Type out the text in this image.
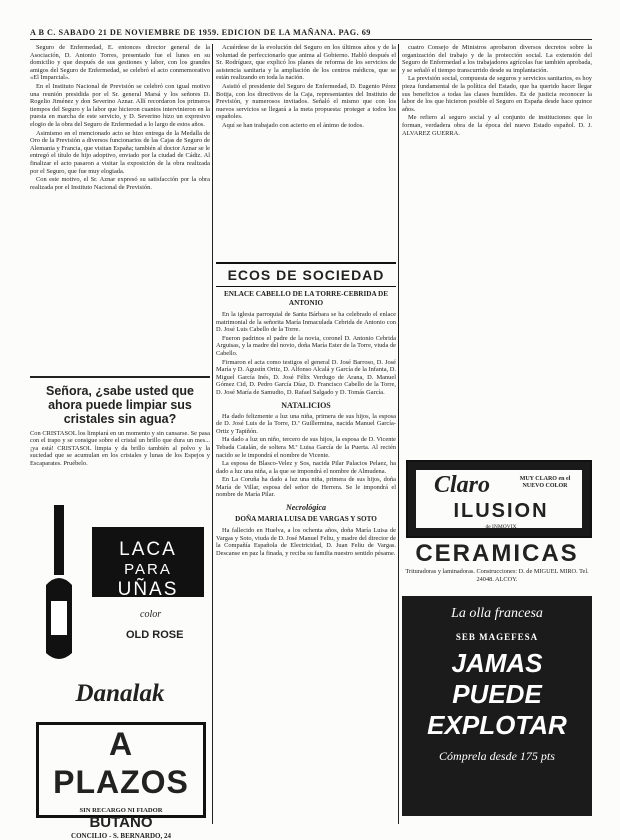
A B C. SABADO 21 DE NOVIEMBRE DE 1959. EDICION DE LA MAÑANA. PAG. 69

Seguro de Enfermedad, E. entonces director general de la Asociación, D. Antonio Torres, presentado fue el lunes en su domicilio y que después de sus gestiones y labor, con los grandes amigos del Seguro de Enfermedad, se celebró el acto conmemorativo «El Imparcial».

En el Instituto Nacional de Previsión se celebró con igual motivo una reunión presidida por el Sr. general Marsá y los señores D. Rogelio Jiménez y don Severino Aznar. Allí recordaron los primeros tiempos del Seguro y la labor que hicieron cuantos intervinieron en la puesta en marcha de este servicio, y D. Severino hizo un expresivo elogio de la obra del Seguro de Enfermedad a lo largo de estos años.

Asimismo en el mencionado acto se hizo entrega de la Medalla de Oro de la Previsión a diversos funcionarios de las Cajas de Seguro de Alemania y Francia, que visitan España; también al doctor Aznar se le entregó el título de hijo adoptivo, enviado por la ciudad de Cádiz. Al finalizar el acto pasaron a visitar la exposición de la obra realizada por el Seguro, que fue muy elogiada.

Con este motivo, el Sr. Aznar expresó su satisfacción por la obra realizada por el Instituto Nacional de Previsión.

Señora, ¿sabe usted que ahora puede limpiar sus cristales sin agua?
Con CRISTASOL los limpiará en un momento y sin cansarse. Se pasa con el trapo y se consigue sobre el cristal un brillo que dura un mes... ¡ya está! CRISTASOL limpia y da brillo también al polvo y la suciedad que se acumulan en los cristales y lunas de los Espejos y Escaparates. Pruébelo.
LACA
PARA
UÑAS
color
OLD ROSE
Danalak
A PLAZOS
SIN RECARGO NI FIADOR
BUTANO
CONCILIO - S. BERNARDO, 24

Acuérdese de la evolución del Seguro en los últimos años y de la voluntad de perfeccionarlo que anima al Gobierno. Habló después el Sr. Rodríguez, que explicó los planes de reforma de los servicios de asistencia sanitaria y la ampliación de los centros médicos, que se están realizando en toda la nación.

Asistió el presidente del Seguro de Enfermedad, D. Eugenio Pérez Botija, con los directivos de la Caja, representantes del Instituto de Previsión, y numerosos invitados. Señaló el mismo que con los nuevos servicios se llegará a la meta propuesta: proteger a todos los españoles.

Aquí se han trabajado con acierto en el ánimo de todos.

ECOS DE SOCIEDAD
ENLACE CABELLO DE LA TORRE-CEBRIDA DE ANTONIO

En la iglesia parroquial de Santa Bárbara se ha celebrado el enlace matrimonial de la señorita María Inmaculada Cebrida de Antonio con D. José Luis Cabello de la Torre.

Fueron padrinos el padre de la novia, coronel D. Antonio Cebrida Arguisas, y la madre del novio, doña María Ester de la Torre, viuda de Cabello.

Firmaron el acta como testigos el general D. José Barroso, D. José María y D. Agustín Ortiz, D. Alfonso Alcalá y García de la Infanta, D. Miguel García Inés, D. José Félix Verdugo de Arana, D. Manuel Gómez Cid, D. Pedro García Díaz, D. Francisco Cabello de la Torre, D. José María de Samudio, D. Rafael Salgado y D. Tomás García.

NATALICIOS

Ha dado felizmente a luz una niña, primera de sus hijos, la esposa de D. José Luis de la Torre, D.ª Guillermina, nacida Manuel García-Ortiz y Tapiñón.

Ha dado a luz un niño, tercero de sus hijos, la esposa de D. Vicente Tebada Catalán, de soltera M.ª Luisa García de la Puerta. Al recién nacido se le impondrá el nombre de Vicente.

La esposa de Blasco-Velez y Sos, nacida Pilar Palacios Pelaez, ha dado a luz una niña, a la que se impondrá el nombre de Almudena.

En La Coruña ha dado a luz una niña, primera de sus hijos, doña María de Villar, esposa del señor de Herrera. Se le impondrá el nombre de María Pilar.

Necrológica
DOÑA MARIA LUISA DE VARGAS Y SOTO

Ha fallecido en Huelva, a los ochenta años, doña María Luisa de Vargas y Soto, viuda de D. José Manuel Feliu, y madre del director de la Compañía Española de Electricidad, D. Juan Feliu de Vargas. Descanse en paz la finada, y reciba su familia nuestro sentido pésame.

cuatro Consejo de Ministros aprobaron diversos decretos sobre la organización del trabajo y de la protección social. La extensión del Seguro de Enfermedad a los trabajadores agrícolas fue también aprobada, y se señaló el tiempo transcurrido desde su implantación.

La previsión social, compuesta de seguros y servicios sanitarios, es hoy pieza fundamental de la política del Estado, que ha querido hacer llegar sus beneficios a todas las clases humildes. Es de justicia reconocer la labor de los que hicieron posible el Seguro en España desde hace quince años.

Me refiero al seguro social y al conjunto de instituciones que lo forman, verdadera obra de la época del nuevo Estado español. D. J. ALVAREZ GUERRA.

Claro	MUY CLARO en el NUEVO COLOR
ILUSION
de INMOVIX
CERAMICAS
Trituradoras y laminadoras. Construcciones: D. de MIGUEL MIRO. Tel. 24048. ALCOY.
La olla francesa
SEB MAGEFESA
JAMAS
PUEDE
EXPLOTAR
Cómprela desde 175 pts
